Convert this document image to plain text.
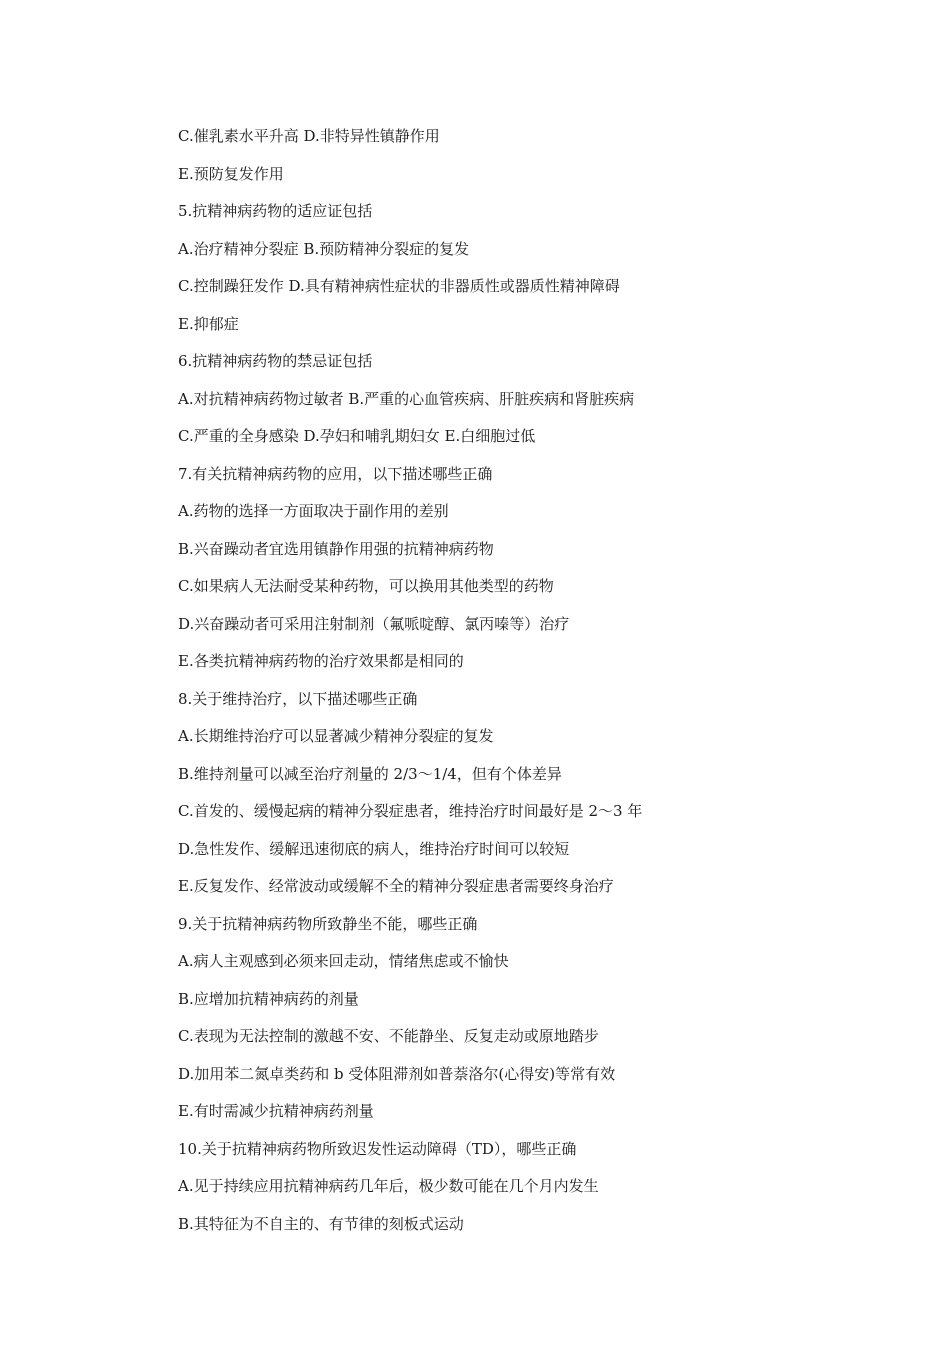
C.催乳素水平升高 D.非特异性镇静作用
E.预防复发作用
5.抗精神病药物的适应证包括
A.治疗精神分裂症 B.预防精神分裂症的复发
C.控制躁狂发作 D.具有精神病性症状的非器质性或器质性精神障碍
E.抑郁症
6.抗精神病药物的禁忌证包括
A.对抗精神病药物过敏者 B.严重的心血管疾病、肝脏疾病和肾脏疾病
C.严重的全身感染 D.孕妇和哺乳期妇女 E.白细胞过低
7.有关抗精神病药物的应用，以下描述哪些正确
A.药物的选择一方面取决于副作用的差别
B.兴奋躁动者宜选用镇静作用强的抗精神病药物
C.如果病人无法耐受某种药物，可以换用其他类型的药物
D.兴奋躁动者可采用注射制剂（氟哌啶醇、氯丙嗪等）治疗
E.各类抗精神病药物的治疗效果都是相同的
8.关于维持治疗，以下描述哪些正确
A.长期维持治疗可以显著减少精神分裂症的复发
B.维持剂量可以减至治疗剂量的 2/3～1/4，但有个体差异
C.首发的、缓慢起病的精神分裂症患者，维持治疗时间最好是 2～3 年
D.急性发作、缓解迅速彻底的病人，维持治疗时间可以较短
E.反复发作、经常波动或缓解不全的精神分裂症患者需要终身治疗
9.关于抗精神病药物所致静坐不能，哪些正确
A.病人主观感到必须来回走动，情绪焦虑或不愉快
B.应增加抗精神病药的剂量
C.表现为无法控制的激越不安、不能静坐、反复走动或原地踏步
D.加用苯二氮卓类药和 b 受体阻滞剂如普萘洛尔(心得安)等常有效
E.有时需减少抗精神病药剂量
10.关于抗精神病药物所致迟发性运动障碍（TD），哪些正确
A.见于持续应用抗精神病药几年后，极少数可能在几个月内发生
B.其特征为不自主的、有节律的刻板式运动
